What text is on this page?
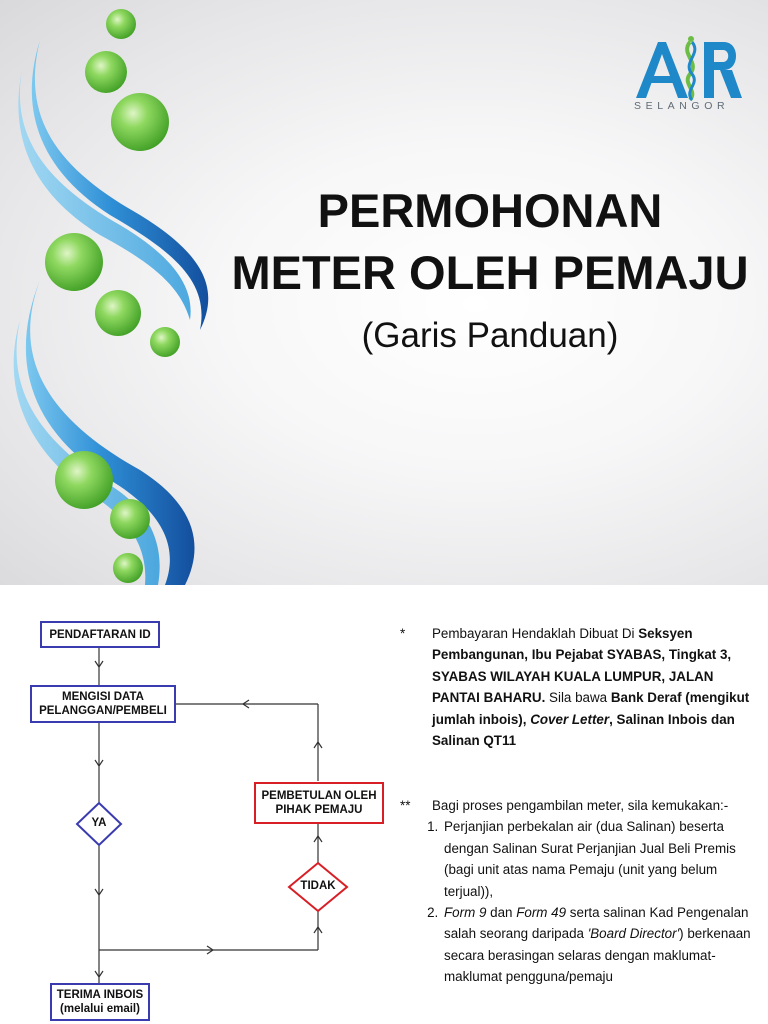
SELANGOR
PERMOHONAN
METER OLEH PEMAJU
(Garis Panduan)
PENDAFTARAN ID
MENGISI DATA
PELANGGAN/PEMBELI
YA
PEMBETULAN OLEH
PIHAK PEMAJU
TIDAK
TERIMA INBOIS
(melalui email)
* Pembayaran Hendaklah Dibuat Di Seksyen Pembangunan, Ibu Pejabat SYABAS, Tingkat 3, SYABAS WILAYAH KUALA LUMPUR, JALAN PANTAI BAHARU. Sila bawa Bank Deraf (mengikut jumlah inbois), Cover Letter, Salinan Inbois dan Salinan QT11
** Bagi proses pengambilan meter, sila kemukakan:-
1. Perjanjian perbekalan air (dua Salinan) beserta dengan Salinan Surat Perjanjian Jual Beli Premis (bagi unit atas nama Pemaju (unit yang belum terjual)),
2. Form 9 dan Form 49 serta salinan Kad Pengenalan salah seorang daripada 'Board Director') berkenaan secara berasingan selaras dengan maklumat-maklumat pengguna/pemaju
